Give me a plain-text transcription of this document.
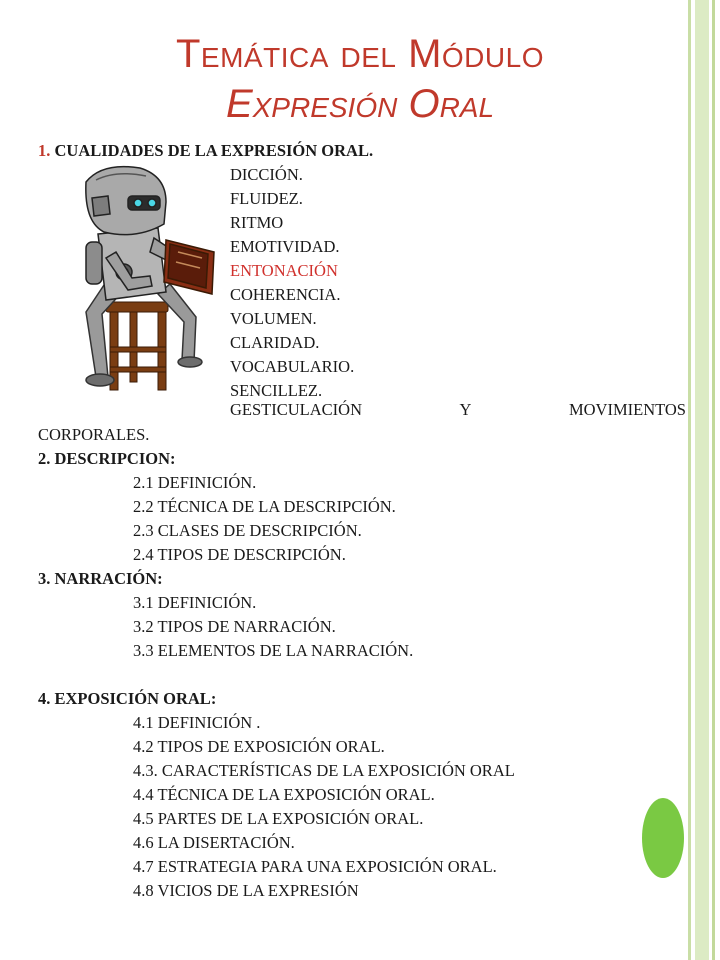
Temática del Módulo
Expresión Oral
1. CUALIDADES DE LA EXPRESIÓN ORAL.
DICCIÓN.
FLUIDEZ.
RITMO
EMOTIVIDAD.
ENTONACIÓN
COHERENCIA.
VOLUMEN.
CLARIDAD.
VOCABULARIO.
SENCILLEZ.
GESTICULACIÓN	Y	MOVIMIENTOS
CORPORALES.
2. DESCRIPCION:
2.1 DEFINICIÓN.
2.2 TÉCNICA DE LA DESCRIPCIÓN.
2.3 CLASES DE DESCRIPCIÓN.
2.4 TIPOS DE DESCRIPCIÓN.
3. NARRACIÓN:
3.1 DEFINICIÓN.
3.2 TIPOS DE NARRACIÓN.
3.3 ELEMENTOS DE LA NARRACIÓN.
4. EXPOSICIÓN ORAL:
4.1 DEFINICIÓN .
4.2 TIPOS DE EXPOSICIÓN ORAL.
4.3. CARACTERÍSTICAS DE LA EXPOSICIÓN ORAL
4.4 TÉCNICA DE LA EXPOSICIÓN ORAL.
4.5 PARTES DE LA EXPOSICIÓN ORAL.
4.6 LA DISERTACIÓN.
4.7 ESTRATEGIA PARA UNA EXPOSICIÓN ORAL.
4.8 VICIOS DE LA EXPRESIÓN
